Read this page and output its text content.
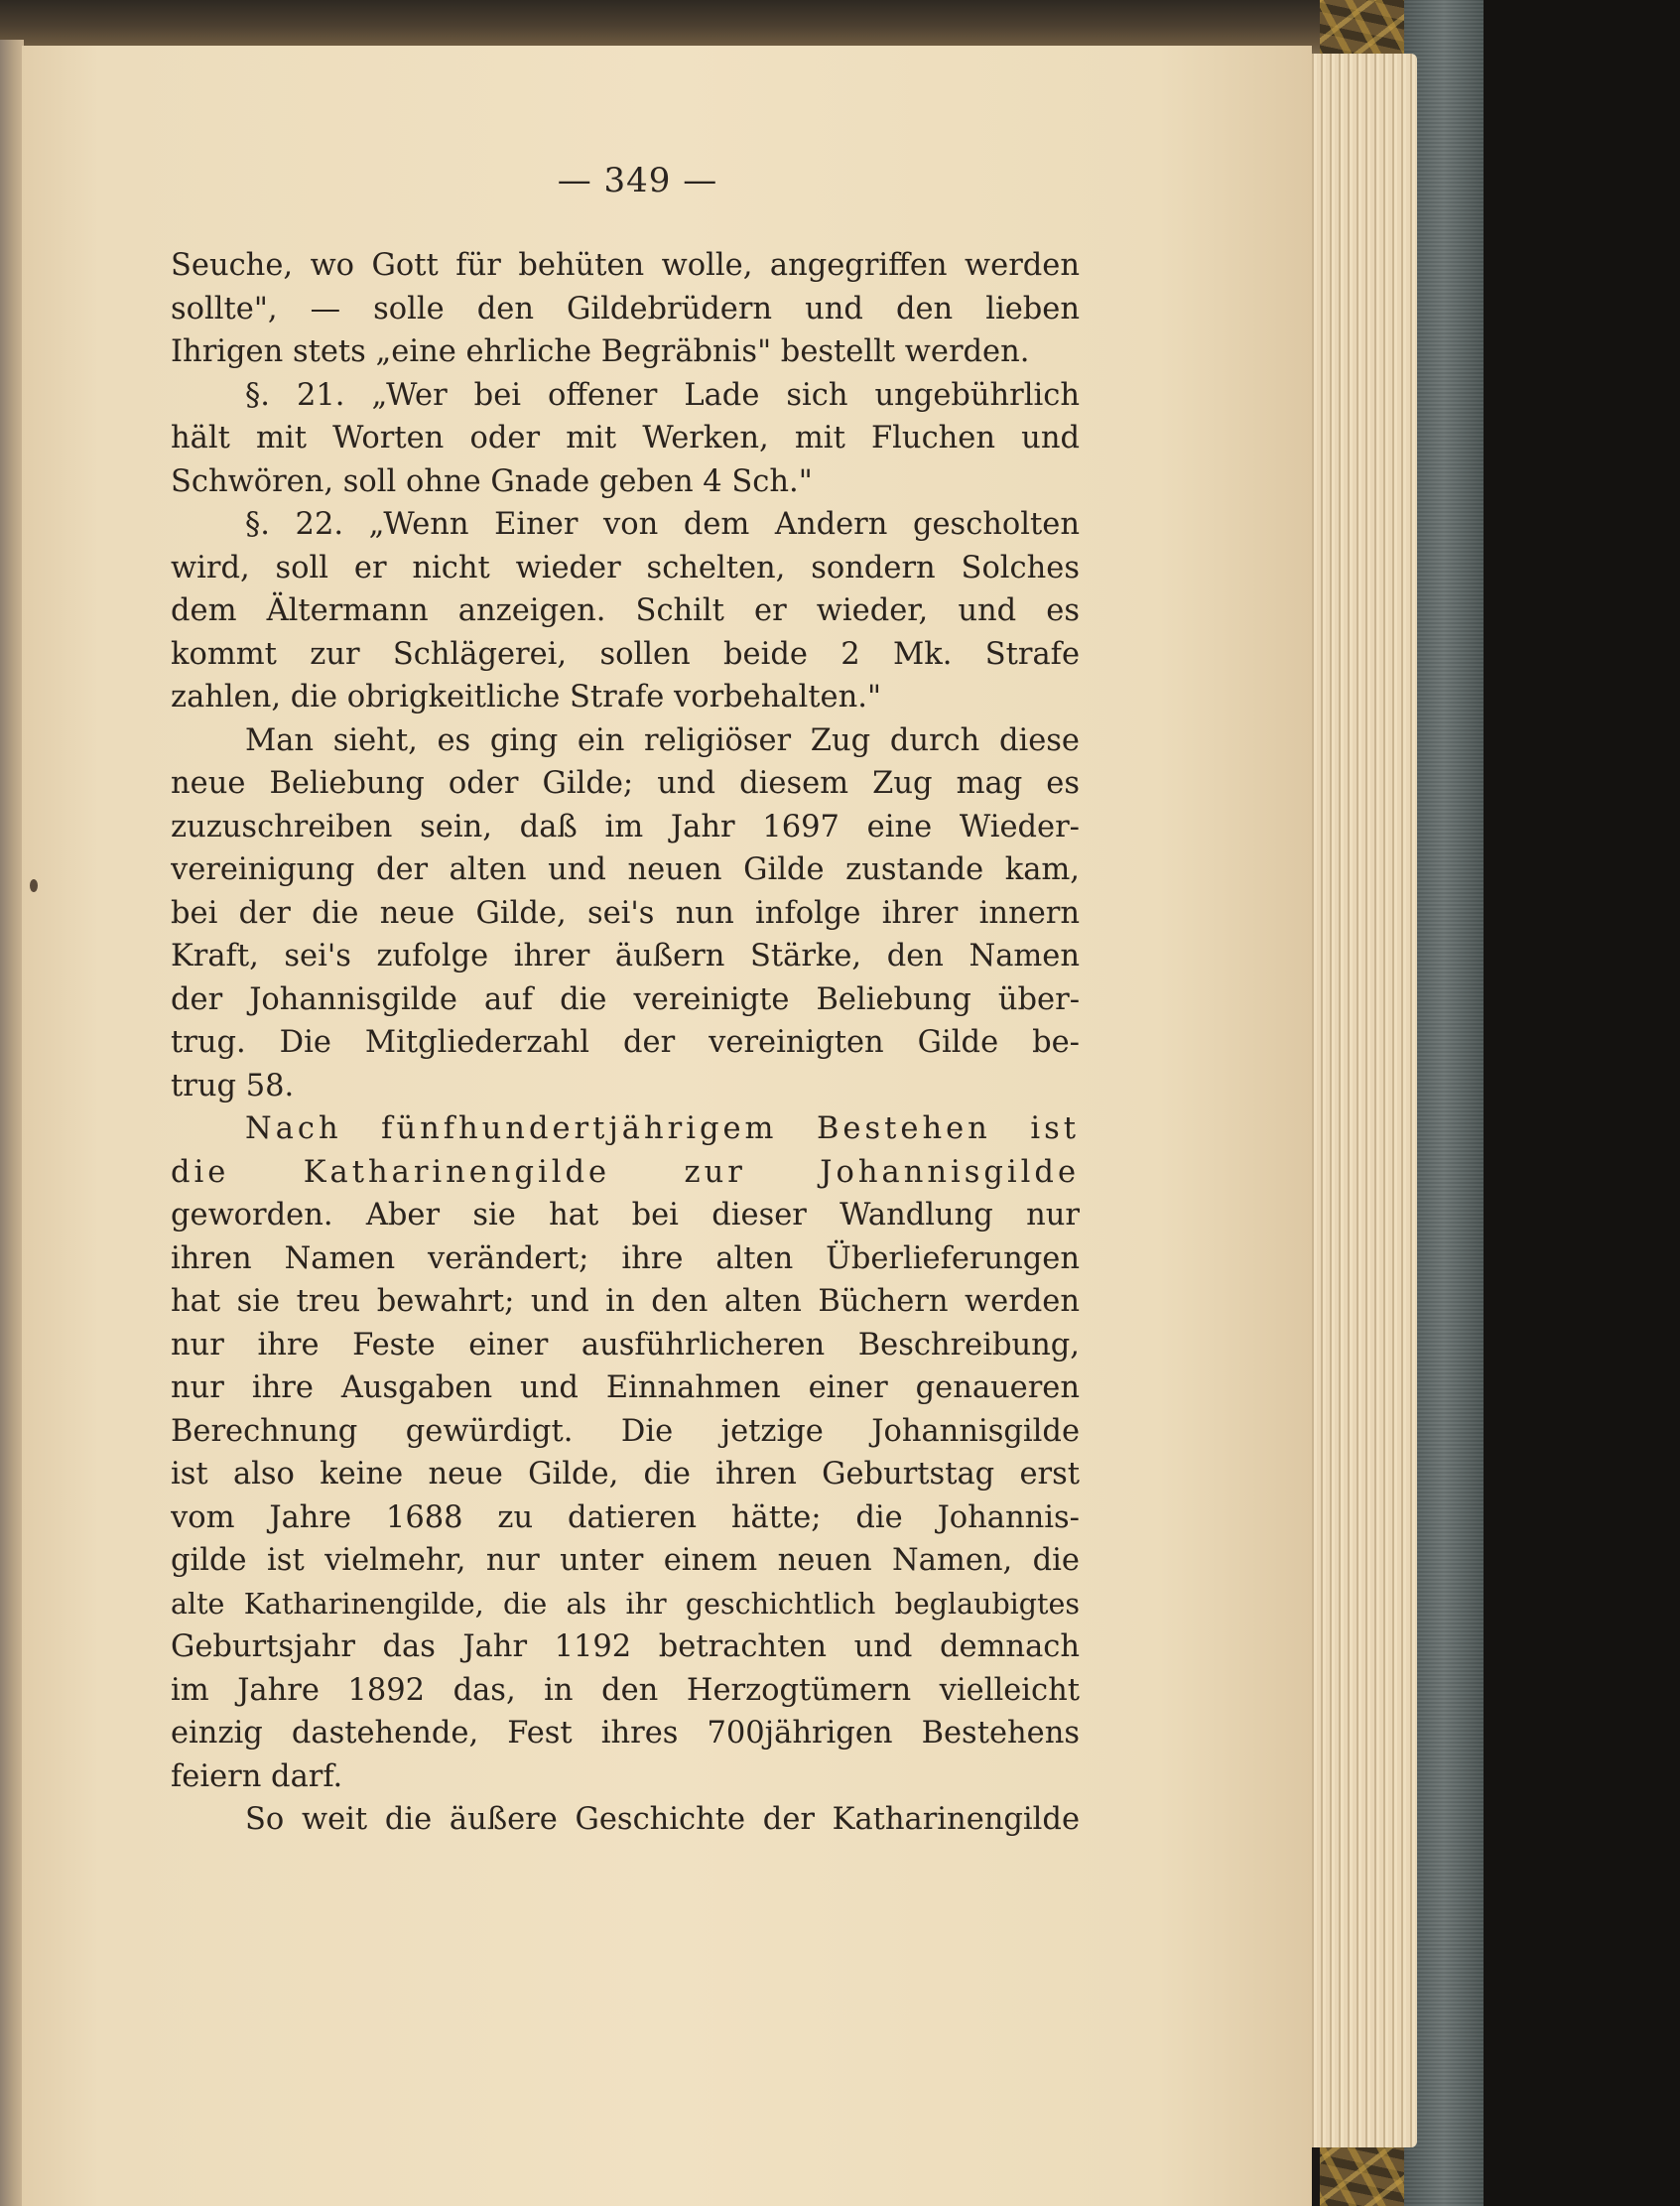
— 349 —
Seuche, wo Gott für behüten wolle, angegriffen werden
sollte", — solle den Gildebrüdern und den lieben
Ihrigen stets „eine ehrliche Begräbnis" bestellt werden.
§. 21. „Wer bei offener Lade sich ungebührlich
hält mit Worten oder mit Werken, mit Fluchen und
Schwören, soll ohne Gnade geben 4 Sch."
§. 22. „Wenn Einer von dem Andern gescholten
wird, soll er nicht wieder schelten, sondern Solches
dem Ältermann anzeigen. Schilt er wieder, und es
kommt zur Schlägerei, sollen beide 2 Mk. Strafe
zahlen, die obrigkeitliche Strafe vorbehalten."
Man sieht, es ging ein religiöser Zug durch diese
neue Beliebung oder Gilde; und diesem Zug mag es
zuzuschreiben sein, daß im Jahr 1697 eine Wieder-
vereinigung der alten und neuen Gilde zustande kam,
bei der die neue Gilde, sei's nun infolge ihrer innern
Kraft, sei's zufolge ihrer äußern Stärke, den Namen
der Johannisgilde auf die vereinigte Beliebung über-
trug. Die Mitgliederzahl der vereinigten Gilde be-
trug 58.
Nach fünfhundertjährigem Bestehen ist
die Katharinengilde zur Johannisgilde
geworden. Aber sie hat bei dieser Wandlung nur
ihren Namen verändert; ihre alten Überlieferungen
hat sie treu bewahrt; und in den alten Büchern werden
nur ihre Feste einer ausführlicheren Beschreibung,
nur ihre Ausgaben und Einnahmen einer genaueren
Berechnung gewürdigt. Die jetzige Johannisgilde
ist also keine neue Gilde, die ihren Geburtstag erst
vom Jahre 1688 zu datieren hätte; die Johannis-
gilde ist vielmehr, nur unter einem neuen Namen, die
alte Katharinengilde, die als ihr geschichtlich beglaubigtes
Geburtsjahr das Jahr 1192 betrachten und demnach
im Jahre 1892 das, in den Herzogtümern vielleicht
einzig dastehende, Fest ihres 700jährigen Bestehens
feiern darf.
So weit die äußere Geschichte der Katharinengilde
